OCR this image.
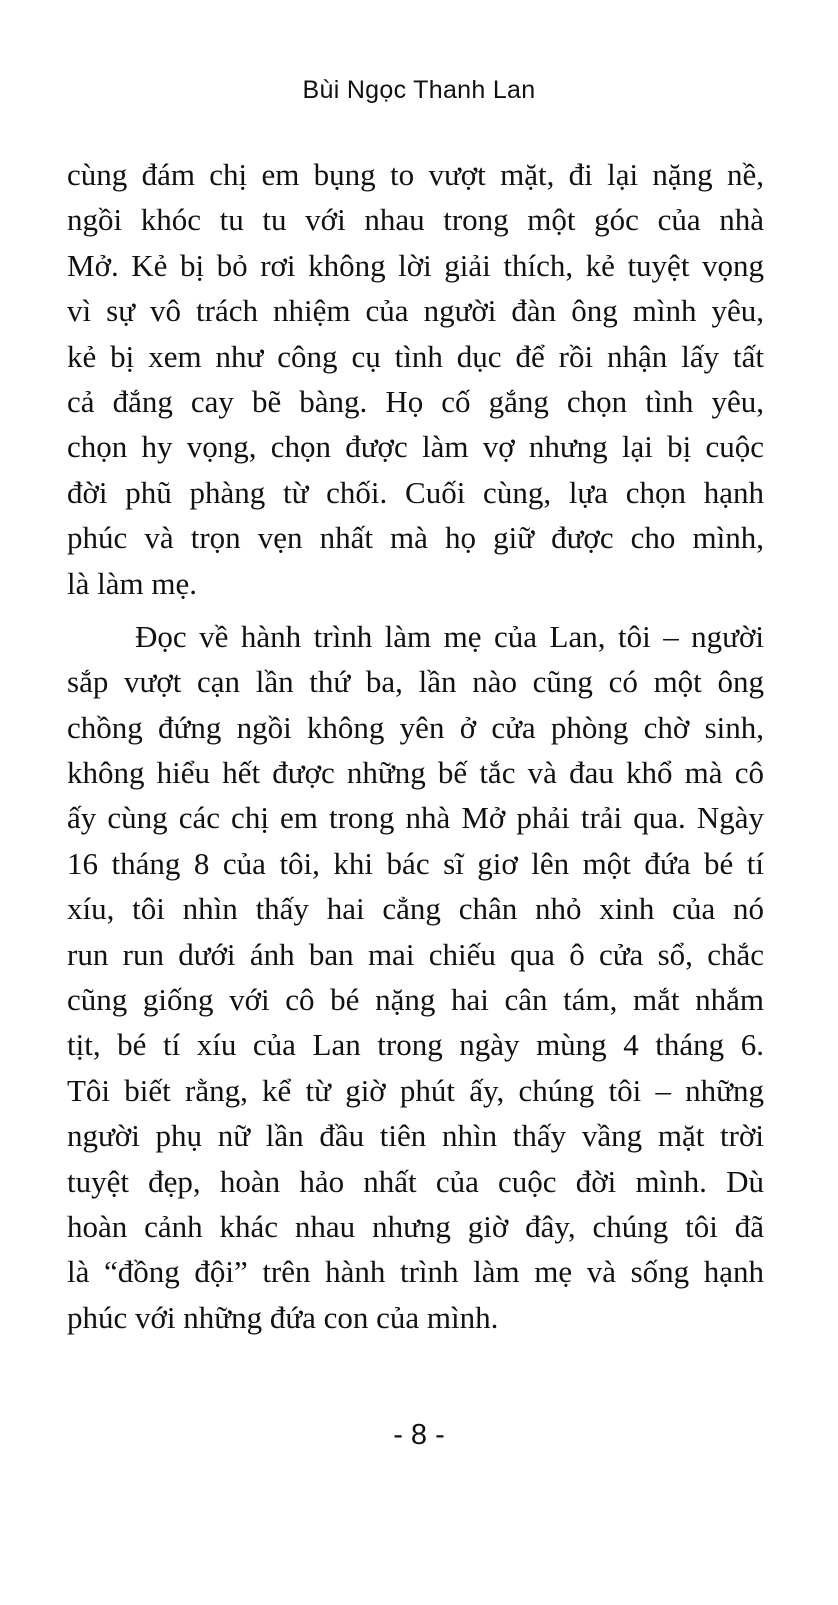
Bùi Ngọc Thanh Lan
cùng đám chị em bụng to vượt mặt, đi lại nặng nề,
ngồi khóc tu tu với nhau trong một góc của nhà
Mở. Kẻ bị bỏ rơi không lời giải thích, kẻ tuyệt vọng
vì sự vô trách nhiệm của người đàn ông mình yêu,
kẻ bị xem như công cụ tình dục để rồi nhận lấy tất
cả đắng cay bẽ bàng. Họ cố gắng chọn tình yêu,
chọn hy vọng, chọn được làm vợ nhưng lại bị cuộc
đời phũ phàng từ chối. Cuối cùng, lựa chọn hạnh
phúc và trọn vẹn nhất mà họ giữ được cho mình,
là làm mẹ.
Đọc về hành trình làm mẹ của Lan, tôi – người
sắp vượt cạn lần thứ ba, lần nào cũng có một ông
chồng đứng ngồi không yên ở cửa phòng chờ sinh,
không hiểu hết được những bế tắc và đau khổ mà cô
ấy cùng các chị em trong nhà Mở phải trải qua. Ngày
16 tháng 8 của tôi, khi bác sĩ giơ lên một đứa bé tí
xíu, tôi nhìn thấy hai cẳng chân nhỏ xinh của nó
run run dưới ánh ban mai chiếu qua ô cửa sổ, chắc
cũng giống với cô bé nặng hai cân tám, mắt nhắm
tịt, bé tí xíu của Lan trong ngày mùng 4 tháng 6.
Tôi biết rằng, kể từ giờ phút ấy, chúng tôi – những
người phụ nữ lần đầu tiên nhìn thấy vầng mặt trời
tuyệt đẹp, hoàn hảo nhất của cuộc đời mình. Dù
hoàn cảnh khác nhau nhưng giờ đây, chúng tôi đã
là “đồng đội” trên hành trình làm mẹ và sống hạnh
phúc với những đứa con của mình.
- 8 -
